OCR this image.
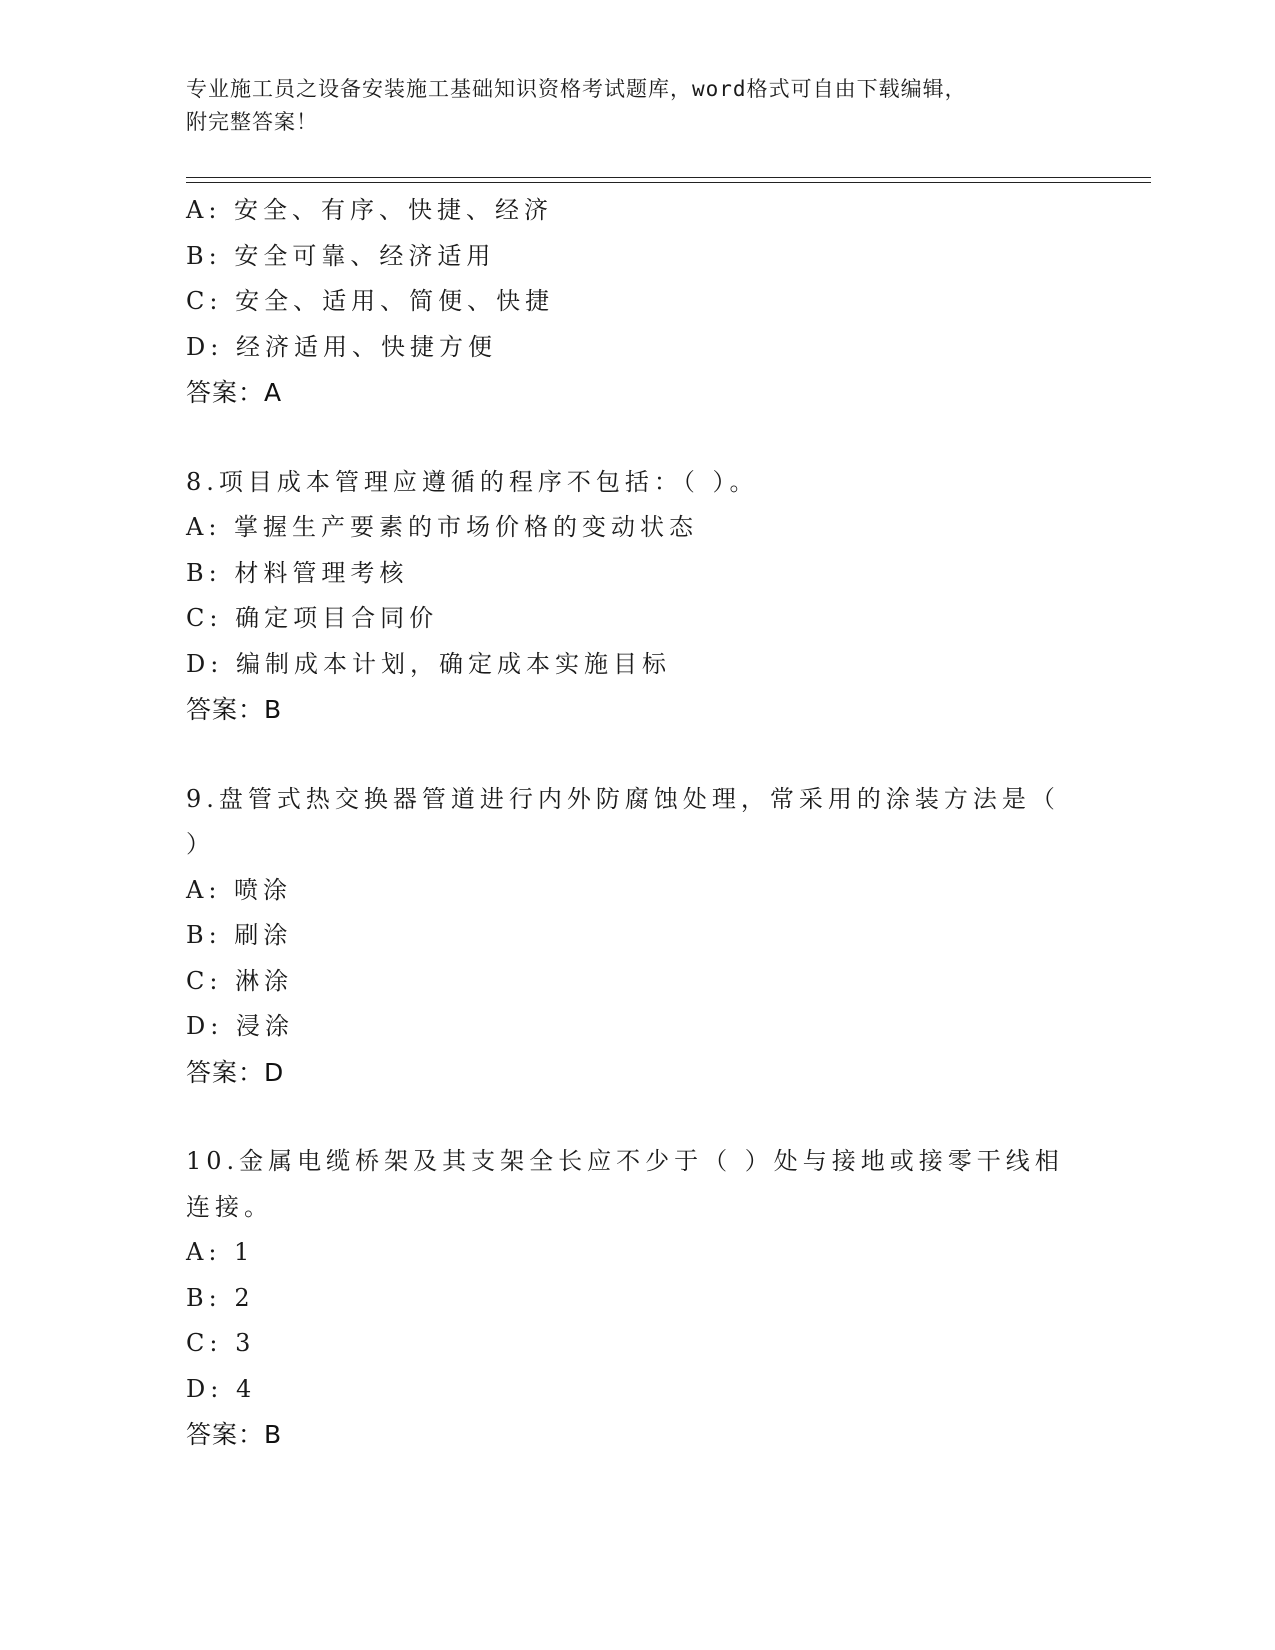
专业施工员之设备安装施工基础知识资格考试题库，word格式可自由下载编辑，
附完整答案！
A: 安全、有序、快捷、经济
B: 安全可靠、经济适用
C: 安全、适用、简便、快捷
D: 经济适用、快捷方便
答案：A
8.项目成本管理应遵循的程序不包括：（ ）。
A: 掌握生产要素的市场价格的变动状态
B: 材料管理考核
C: 确定项目合同价
D: 编制成本计划，确定成本实施目标
答案：B
9.盘管式热交换器管道进行内外防腐蚀处理，常采用的涂装方法是（
）
A: 喷涂
B: 刷涂
C: 淋涂
D: 浸涂
答案：D
10.金属电缆桥架及其支架全长应不少于（ ）处与接地或接零干线相
连接。
A: 1
B: 2
C: 3
D: 4
答案：B
